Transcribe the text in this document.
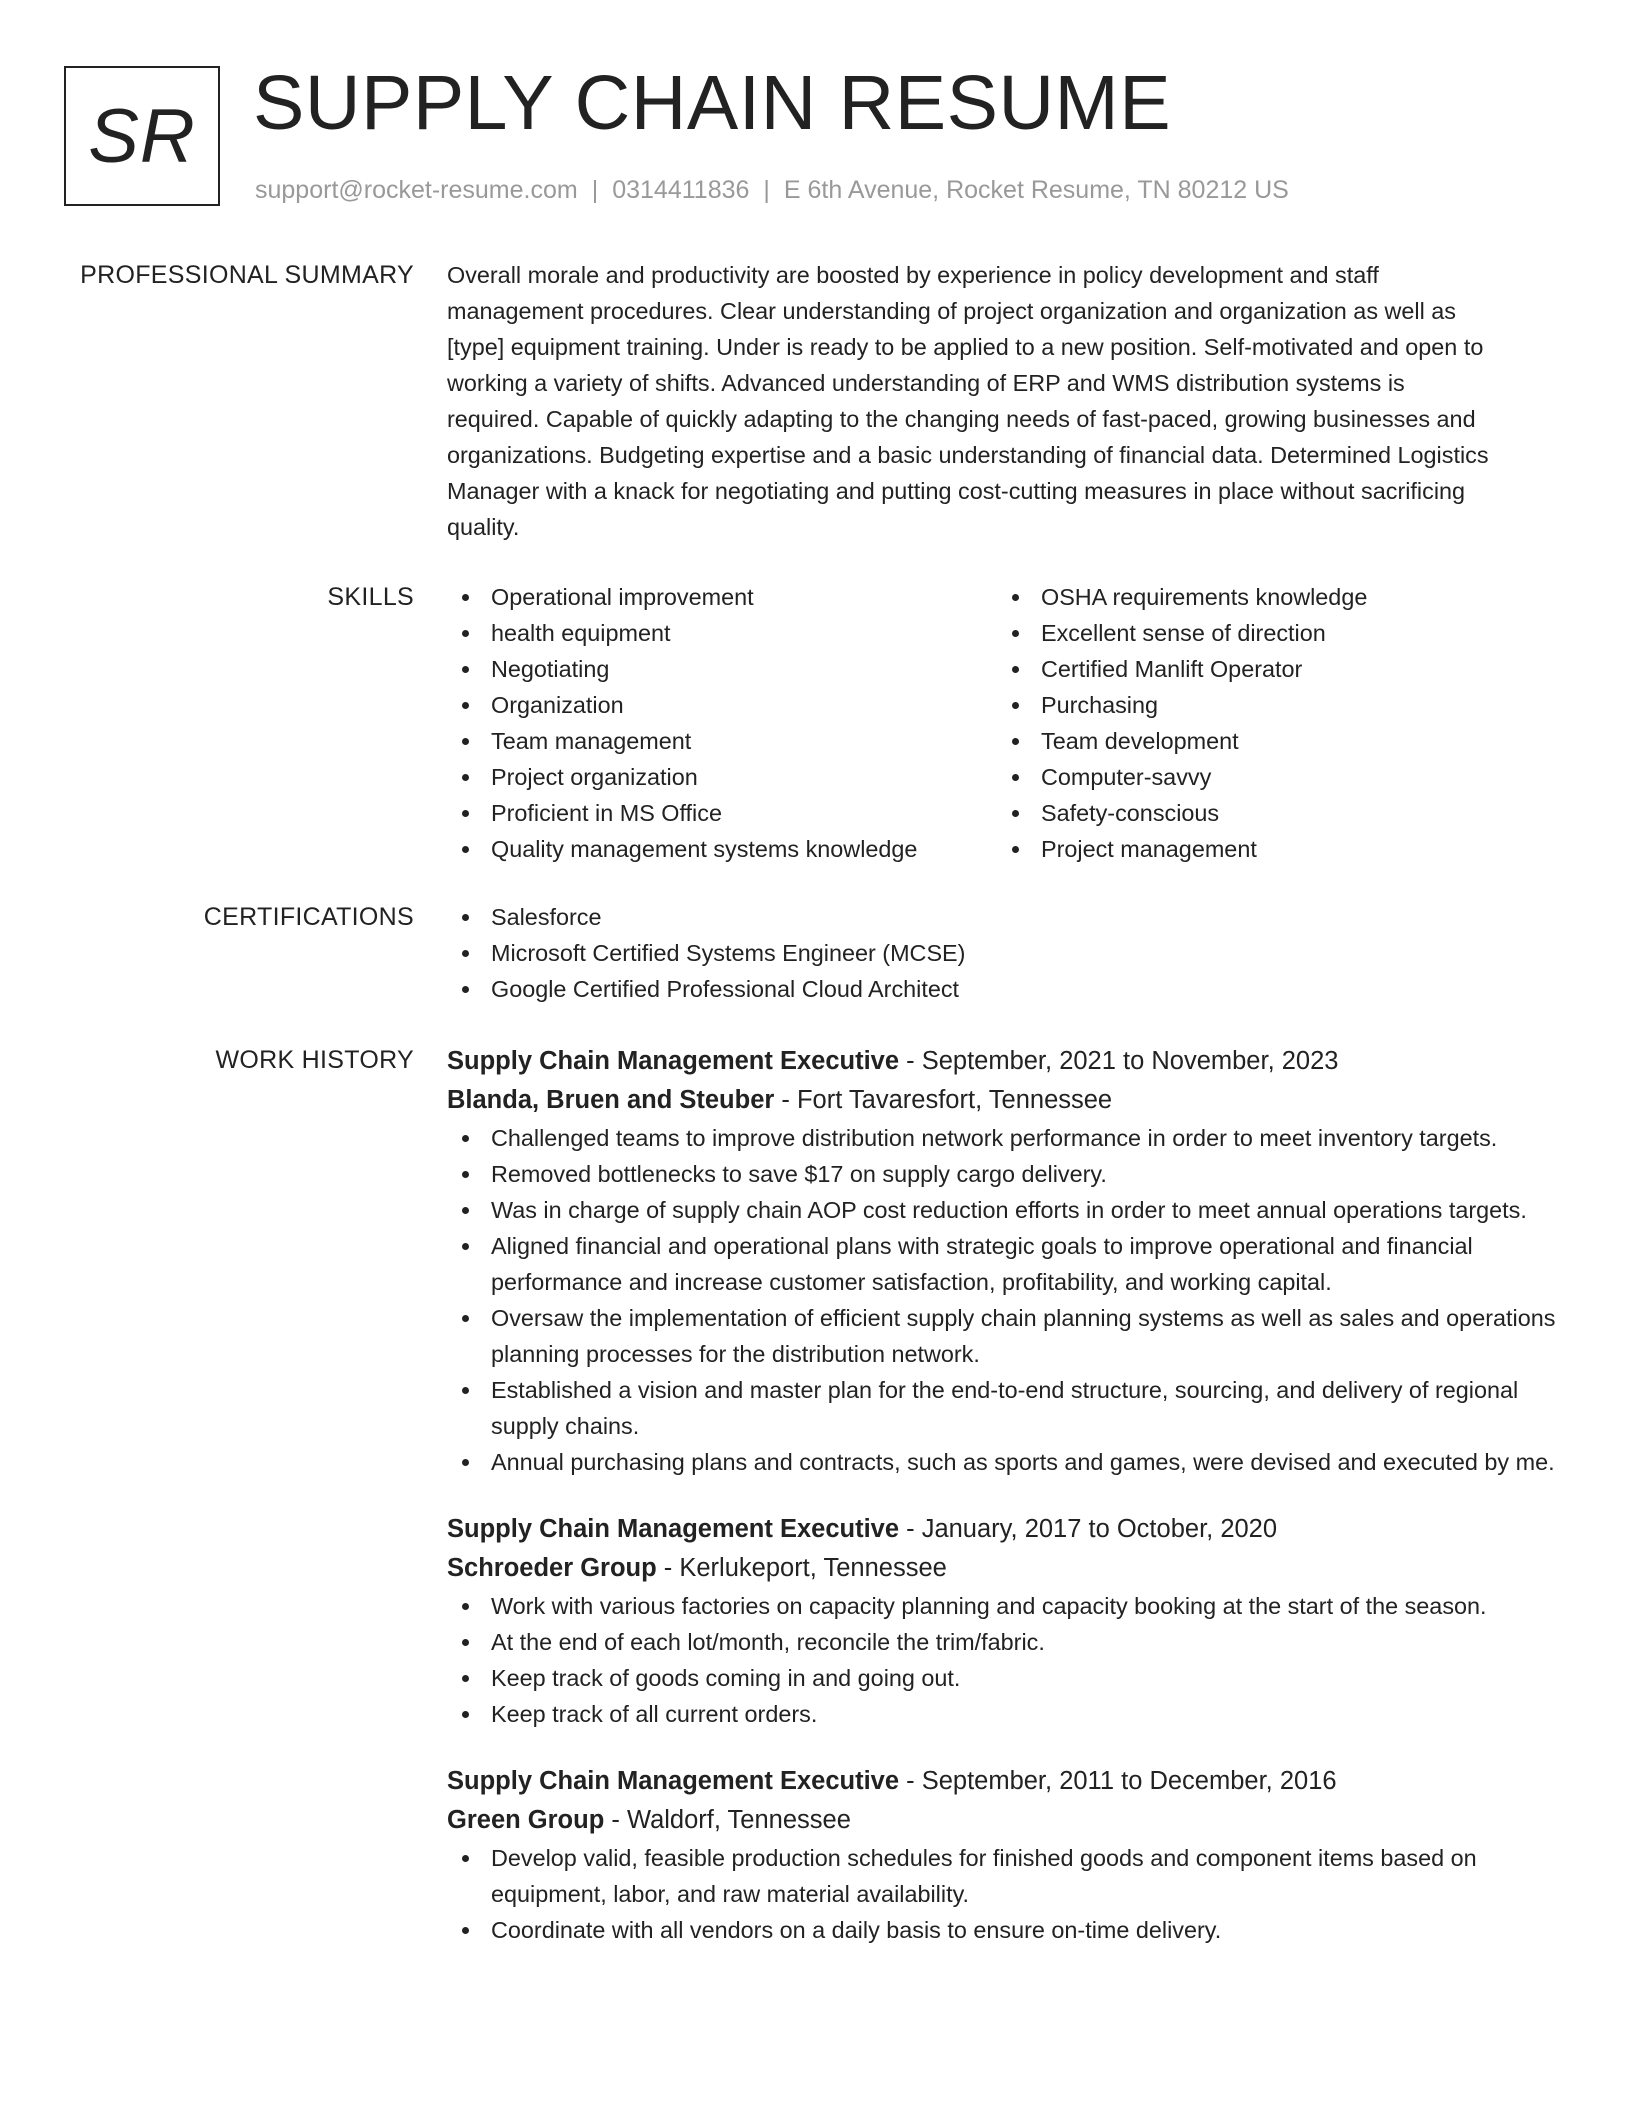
SR SUPPLY CHAIN RESUME
support@rocket-resume.com | 0314411836 | E 6th Avenue, Rocket Resume, TN 80212 US
PROFESSIONAL SUMMARY Overall morale and productivity are boosted by experience in policy development and staff
management procedures. Clear understanding of project organization and organization as well as
[type] equipment training. Under is ready to be applied to a new position. Self-motivated and open to
working a variety of shifts. Advanced understanding of ERP and WMS distribution systems is
required. Capable of quickly adapting to the changing needs of fast-paced, growing businesses and
organizations. Budgeting expertise and a basic understanding of financial data. Determined Logistics
Manager with a knack for negotiating and putting cost-cutting measures in place without sacrificing
quality.
SKILLS	Operational improvement
health equipment
Negotiating
Organization
Team management
Project organization
Proficient in MS Office
Quality management systems knowledge
OSHA requirements knowledge
Excellent sense of direction
Certified Manlift Operator
Purchasing
Team development
Computer-savvy
Safety-conscious
Project management
CERTIFICATIONS	Salesforce
Microsoft Certified Systems Engineer (MCSE)
Google Certified Professional Cloud Architect
WORK HISTORY Supply Chain Management Executive - September, 2021 to November, 2023
Blanda, Bruen and Steuber - Fort Tavaresfort, Tennessee
Challenged teams to improve distribution network performance in order to meet inventory targets.
Removed bottlenecks to save $17 on supply cargo delivery.
Was in charge of supply chain AOP cost reduction efforts in order to meet annual operations targets.
Aligned financial and operational plans with strategic goals to improve operational and financial performance and increase customer satisfaction, profitability, and working capital.
Oversaw the implementation of efficient supply chain planning systems as well as sales and operations planning processes for the distribution network.
Established a vision and master plan for the end-to-end structure, sourcing, and delivery of regional supply chains.
Annual purchasing plans and contracts, such as sports and games, were devised and executed by me.
Supply Chain Management Executive - January, 2017 to October, 2020
Schroeder Group - Kerlukeport, Tennessee
Work with various factories on capacity planning and capacity booking at the start of the season.
At the end of each lot/month, reconcile the trim/fabric.
Keep track of goods coming in and going out.
Keep track of all current orders.
Supply Chain Management Executive - September, 2011 to December, 2016
Green Group - Waldorf, Tennessee
Develop valid, feasible production schedules for finished goods and component items based on equipment, labor, and raw material availability.
Coordinate with all vendors on a daily basis to ensure on-time delivery.
